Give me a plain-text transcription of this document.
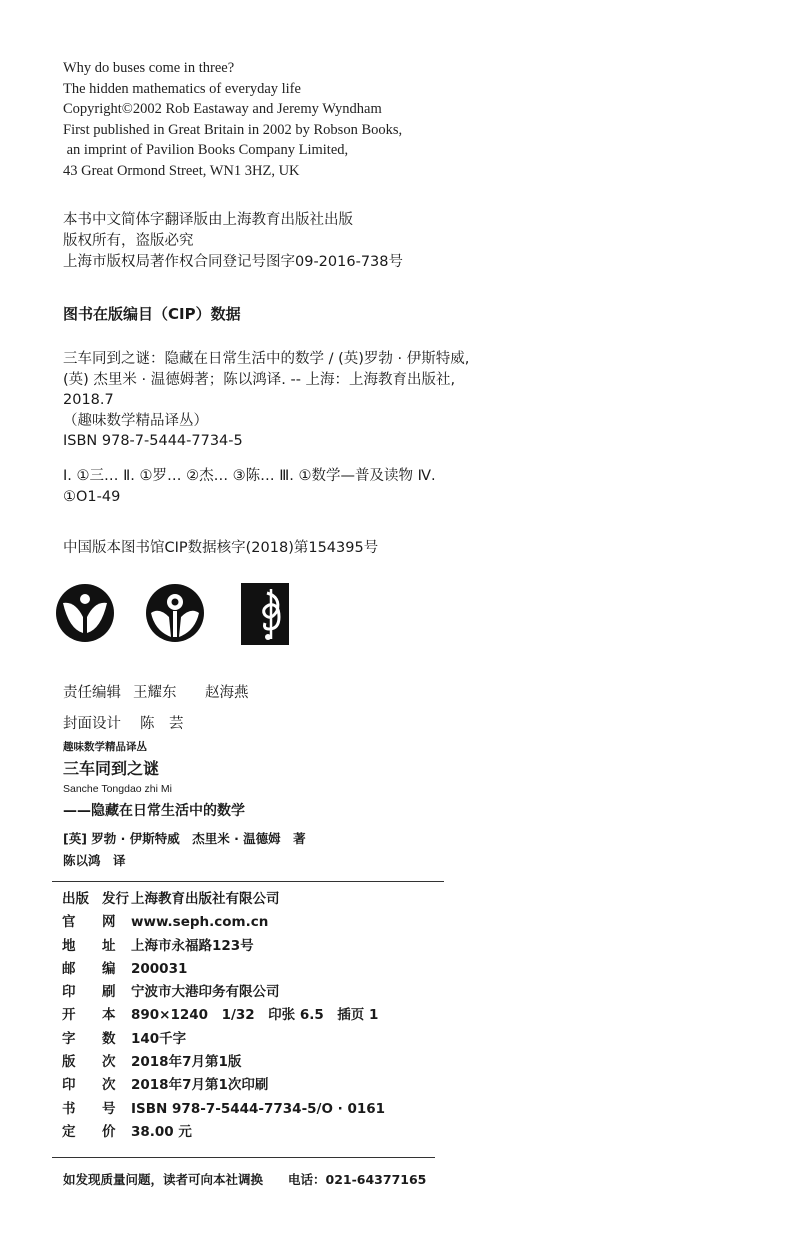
Why do buses come in three?

The hidden mathematics of everyday life

Copyright©2002 Rob Eastaway and Jeremy Wyndham

First published in Great Britain in 2002 by Robson Books,

an imprint of Pavilion Books Company Limited,

43 Great Ormond Street, WN1 3HZ, UK

本书中文简体字翻译版由上海教育出版社出版

版权所有，盗版必究

上海市版权局著作权合同登记号图字09-2016-738号

图书在版编目（CIP）数据

三车同到之谜：隐藏在日常生活中的数学 / (英)罗勃 · 伊斯特威,

(英) 杰里米 · 温德姆著；陈以鸿译. -- 上海：上海教育出版社,

2018.7

（趣味数学精品译丛）

ISBN 978-7-5444-7734-5

Ⅰ. ①三… Ⅱ. ①罗… ②杰… ③陈… Ⅲ. ①数学—普及读物 Ⅳ.

①O1-49

中国版本图书馆CIP数据核字(2018)第154395号
责任编辑 王耀东 赵海燕
封面设计 陈　芸
趣味数学精品译丛
三车同到之谜
Sanche Tongdao zhi Mi
——隐藏在日常生活中的数学
[英] 罗勃 · 伊斯特威　杰里米 · 温德姆　著
陈以鸿　译
出版 发行 上海教育出版社有限公司
官 网 www.seph.com.cn
地 址 上海市永福路123号
邮 编 200031
印 刷 宁波市大港印务有限公司
开 本 890×1240　1/32　印张 6.5　插页 1
字 数 140千字
版 次 2018年7月第1版
印 次 2018年7月第1次印刷
书 号 ISBN 978-7-5444-7734-5/O · 0161
定 价 38.00 元
如发现质量问题，读者可向本社调换　　电话：021-64377165
